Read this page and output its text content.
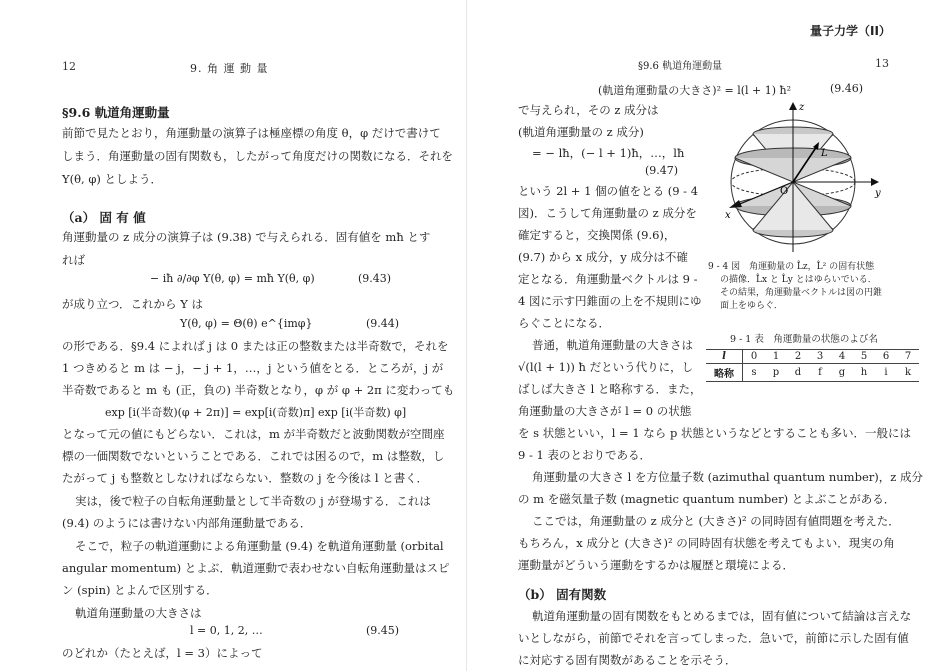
12	9. 角 運 動 量
§9.6 軌道角運動量
前節で見たとおり，角運動量の演算子は極座標の角度 θ，φ だけで書けて
しまう．角運動量の固有関数も，したがって角度だけの関数になる．それを
Y(θ, φ) としよう．
（a） 固 有 値
角運動量の z 成分の演算子は (9.38) で与えられる．固有値を mħ とす
れば
− iħ ∂/∂φ Y(θ, φ) = mħ Y(θ, φ)	(9.43)
が成り立つ．これから Y は
Y(θ, φ) = Θ(θ) e^{imφ}	(9.44)
の形である．§9.4 によれば j は 0 または正の整数または半奇数で，それを
1 つきめると m は − j，− j + 1，…，j という値をとる．ところが，j が
半奇数であると m も (正，負の) 半奇数となり，φ が φ + 2π に変わっても
exp [i(半奇数)(φ + 2π)] = exp[i(奇数)π] exp [i(半奇数) φ]
となって元の値にもどらない．これは，m が半奇数だと波動関数が空間座
標の一価関数でないということである．これでは困るので，m は整数，し
たがって j も整数としなければならない．整数の j を今後は l と書く．
実は，後で粒子の自転角運動量として半奇数の j が登場する．これは
(9.4) のようには書けない内部角運動量である．
そこで，粒子の軌道運動による角運動量 (9.4) を軌道角運動量 (orbital
angular momentum) とよぶ．軌道運動で表わせない自転角運動量はスピ
ン (spin) とよんで区別する．
軌道角運動量の大きさは
l = 0, 1, 2, …	(9.45)
のどれか（たとえば，l = 3）によって
量子力学（II）
§9.6 軌道角運動量	13
(軌道角運動量の大きさ)² = l(l + 1) ħ²	(9.46)
で与えられ，その z 成分は
(軌道角運動量の z 成分)
= − lħ，(− l + 1)ħ，…，lħ
(9.47)
という 2l + 1 個の値をとる (9 - 4
図)．こうして角運動量の z 成分を
確定すると，交換関係 (9.6)，
(9.7) から x 成分，y 成分は不確
定となる．角運動量ベクトルは 9 -
4 図に示す円錐面の上を不規則にゆ
らぐことになる．
普通，軌道角運動量の大きさは
√(l(l + 1)) ħ だという代りに，し
ばしば大きさ l と略称する．また，
角運動量の大きさが l = 0 の状態
z
y
x
L
O
9 - 4 図　角運動量の L̂z，L̂² の固有状態
の描像．L̂x と L̂y とはゆらいでいる．
その結果，角運動量ベクトルは図の円錐
面上をゆらぐ．
9 - 1 表　角運動量の状態のよび名
l	0	1	2	3	4	5	6	7
略称	s	p	d	f	g	h	i	k
を s 状態といい，l = 1 なら p 状態というなどとすることも多い．一般には
9 - 1 表のとおりである．
角運動量の大きさ l を方位量子数 (azimuthal quantum number)，z 成分
の m を磁気量子数 (magnetic quantum number) とよぶことがある．
ここでは，角運動量の z 成分と (大きさ)² の同時固有値問題を考えた．
もちろん，x 成分と (大きさ)² の同時固有状態を考えてもよい．現実の角
運動量がどういう運動をするかは履歴と環境による．
（b） 固有関数
軌道角運動量の固有関数をもとめるまでは，固有値について結論は言えな
いとしながら，前節でそれを言ってしまった．急いで，前節に示した固有値
に対応する固有関数があることを示そう．
